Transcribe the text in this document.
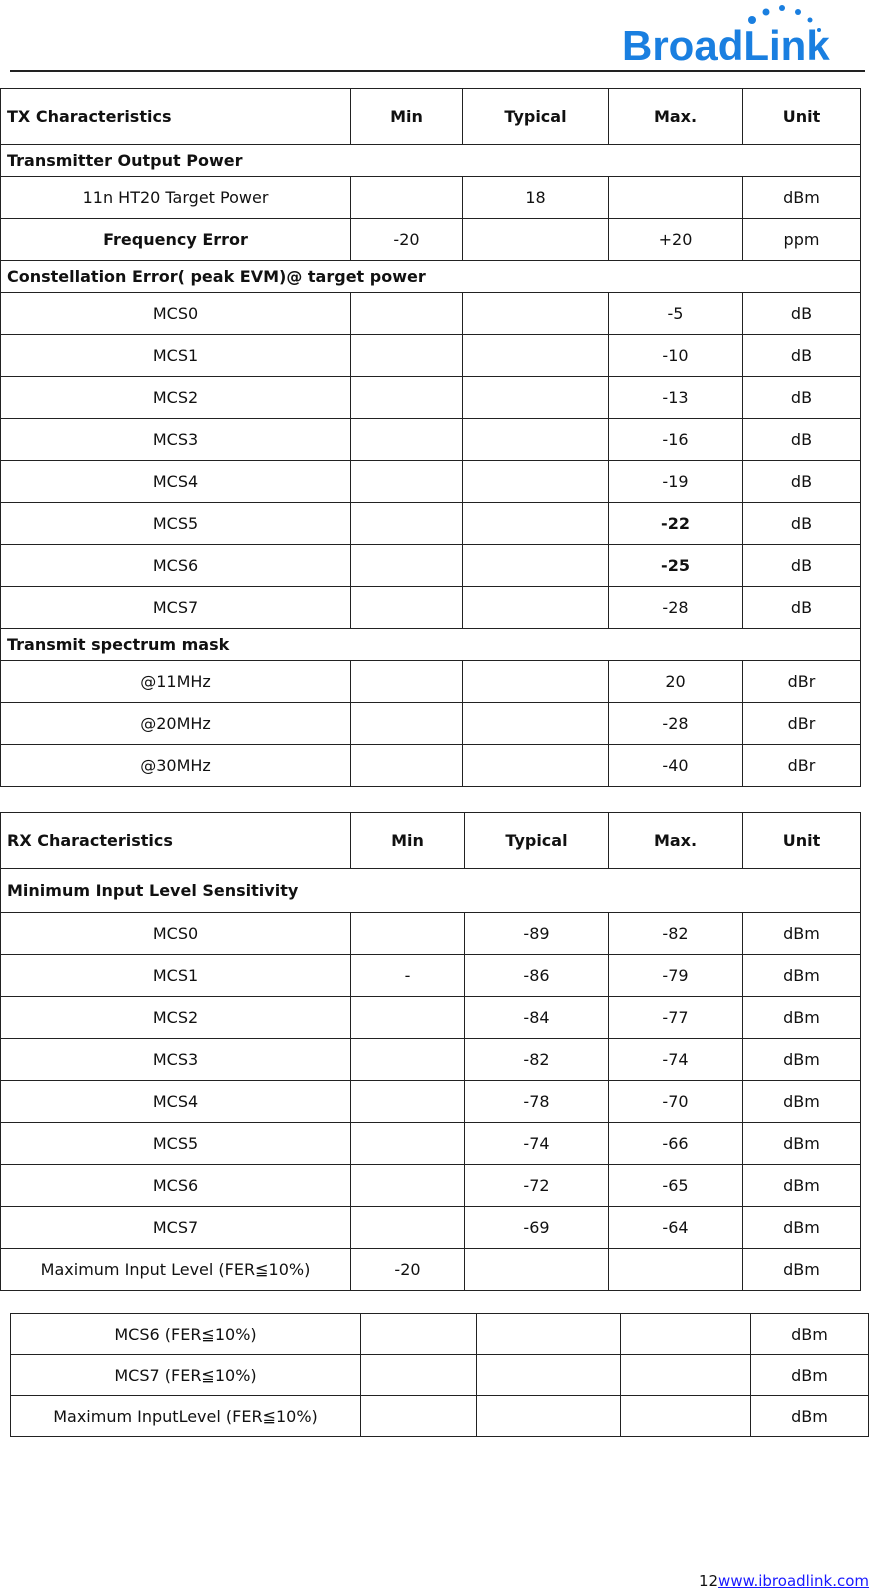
BroadLink
TX Characteristics	Min	Typical	Max.	Unit
Transmitter Output Power				
11n HT20 Target Power		18		dBm
Frequency Error	-20		+20	ppm
Constellation Error( peak EVM)@ target power				
MCS0			-5	dB
MCS1			-10	dB
MCS2			-13	dB
MCS3			-16	dB
MCS4			-19	dB
MCS5			-22	dB
MCS6			-25	dB
MCS7			-28	dB
Transmit spectrum mask				
@11MHz			20	dBr
@20MHz			-28	dBr
@30MHz			-40	dBr
RX Characteristics	Min	Typical	Max.	Unit
Minimum Input Level Sensitivity				
MCS0		-89	-82	dBm
MCS1	-	-86	-79	dBm
MCS2		-84	-77	dBm
MCS3		-82	-74	dBm
MCS4		-78	-70	dBm
MCS5		-74	-66	dBm
MCS6		-72	-65	dBm
MCS7		-69	-64	dBm
Maximum Input Level (FER≦10%)	-20			dBm
MCS6 (FER≦10%)				dBm
MCS7 (FER≦10%)				dBm
Maximum InputLevel (FER≦10%)				dBm
12www.ibroadlink.com
